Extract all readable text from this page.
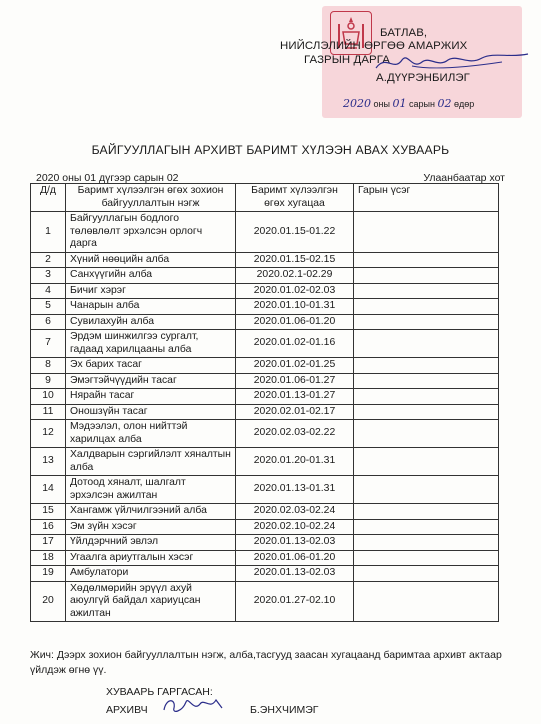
БАТЛАВ,
НИЙСЛЭЛИЙН ӨРГӨӨ АМАРЖИХ
ГАЗРЫН ДАРГА
А.ДҮҮРЭНБИЛЭГ
2020 оны 01 сарын 02 өдөр
БАЙГУУЛЛАГЫН АРХИВТ БАРИМТ ХҮЛЭЭН АВАХ ХУВААРЬ
2020 оны 01 дүгээр сарын 02	Улаанбаатар хот
Д/д	Баримт хүлээлгэн өгөх зохион байгууллалтын нэгж	Баримт хүлээлгэн өгөх хугацаа	Гарын үсэг
1	Байгууллагын бодлого төлөвлөлт эрхэлсэн орлогч дарга	2020.01.15-01.22	
2	Хүний нөөцийн алба	2020.01.15-02.15	
3	Санхүүгийн алба	2020.02.1-02.29	
4	Бичиг хэрэг	2020.01.02-02.03	
5	Чанарын алба	2020.01.10-01.31	
6	Сувилахуйн алба	2020.01.06-01.20	
7	Эрдэм шинжилгээ сургалт, гадаад харилцааны алба	2020.01.02-01.16	
8	Эх барих тасаг	2020.01.02-01.25	
9	Эмэгтэйчүүдийн тасаг	2020.01.06-01.27	
10	Нярайн тасаг	2020.01.13-01.27	
11	Оношзүйн тасаг	2020.02.01-02.17	
12	Мэдээлэл, олон нийттэй харилцах алба	2020.02.03-02.22	
13	Халдварын сэргийлэлт хяналтын алба	2020.01.20-01.31	
14	Дотоод хяналт, шалгалт эрхэлсэн ажилтан	2020.01.13-01.31	
15	Хангамж үйлчилгээний алба	2020.02.03-02.24	
16	Эм зүйн хэсэг	2020.02.10-02.24	
17	Үйлдэрчний эвлэл	2020.01.13-02.03	
18	Угаалга ариутгалын хэсэг	2020.01.06-01.20	
19	Амбулатори	2020.01.13-02.03	
20	Хөдөлмөрийн эрүүл ахуй аюулгүй байдал хариуцсан ажилтан	2020.01.27-02.10	
Жич: Дээрх зохион байгууллалтын нэгж, алба,тасгууд заасан хугацаанд баримтаа архивт актаар үйлдэж өгнө үү.
ХУВААРЬ ГАРГАСАН:
АРХИВЧ	Б.ЭНХЧИМЭГ
